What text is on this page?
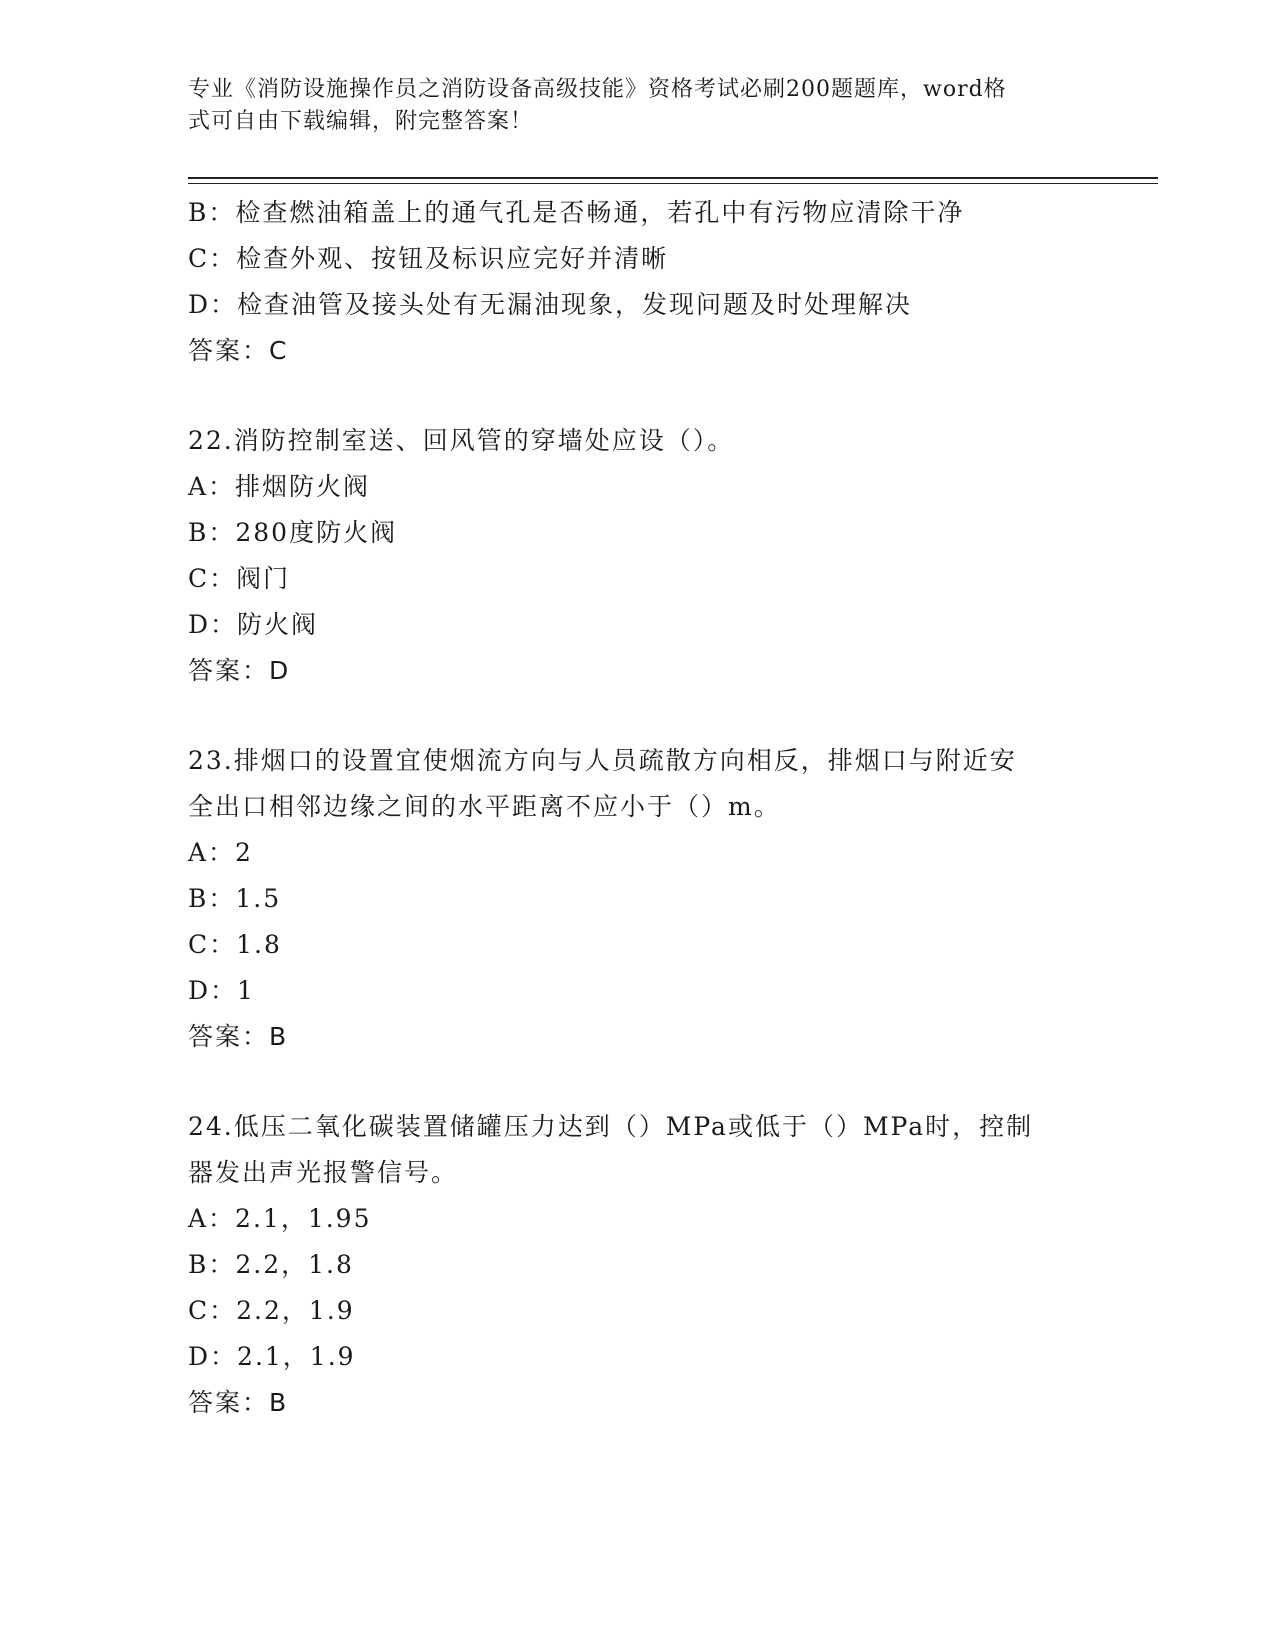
专业《消防设施操作员之消防设备高级技能》资格考试必刷200题题库，word格
式可自由下载编辑，附完整答案！
B：检查燃油箱盖上的通气孔是否畅通，若孔中有污物应清除干净
C：检查外观、按钮及标识应完好并清晰
D：检查油管及接头处有无漏油现象，发现问题及时处理解决
答案：C
22.消防控制室送、回风管的穿墙处应设（）。
A：排烟防火阀
B：280度防火阀
C：阀门
D：防火阀
答案：D
23.排烟口的设置宜使烟流方向与人员疏散方向相反，排烟口与附近安
全出口相邻边缘之间的水平距离不应小于（）m。
A：2
B：1.5
C：1.8
D：1
答案：B
24.低压二氧化碳装置储罐压力达到（）MPa或低于（）MPa时，控制
器发出声光报警信号。
A：2.1，1.95
B：2.2，1.8
C：2.2，1.9
D：2.1，1.9
答案：B
